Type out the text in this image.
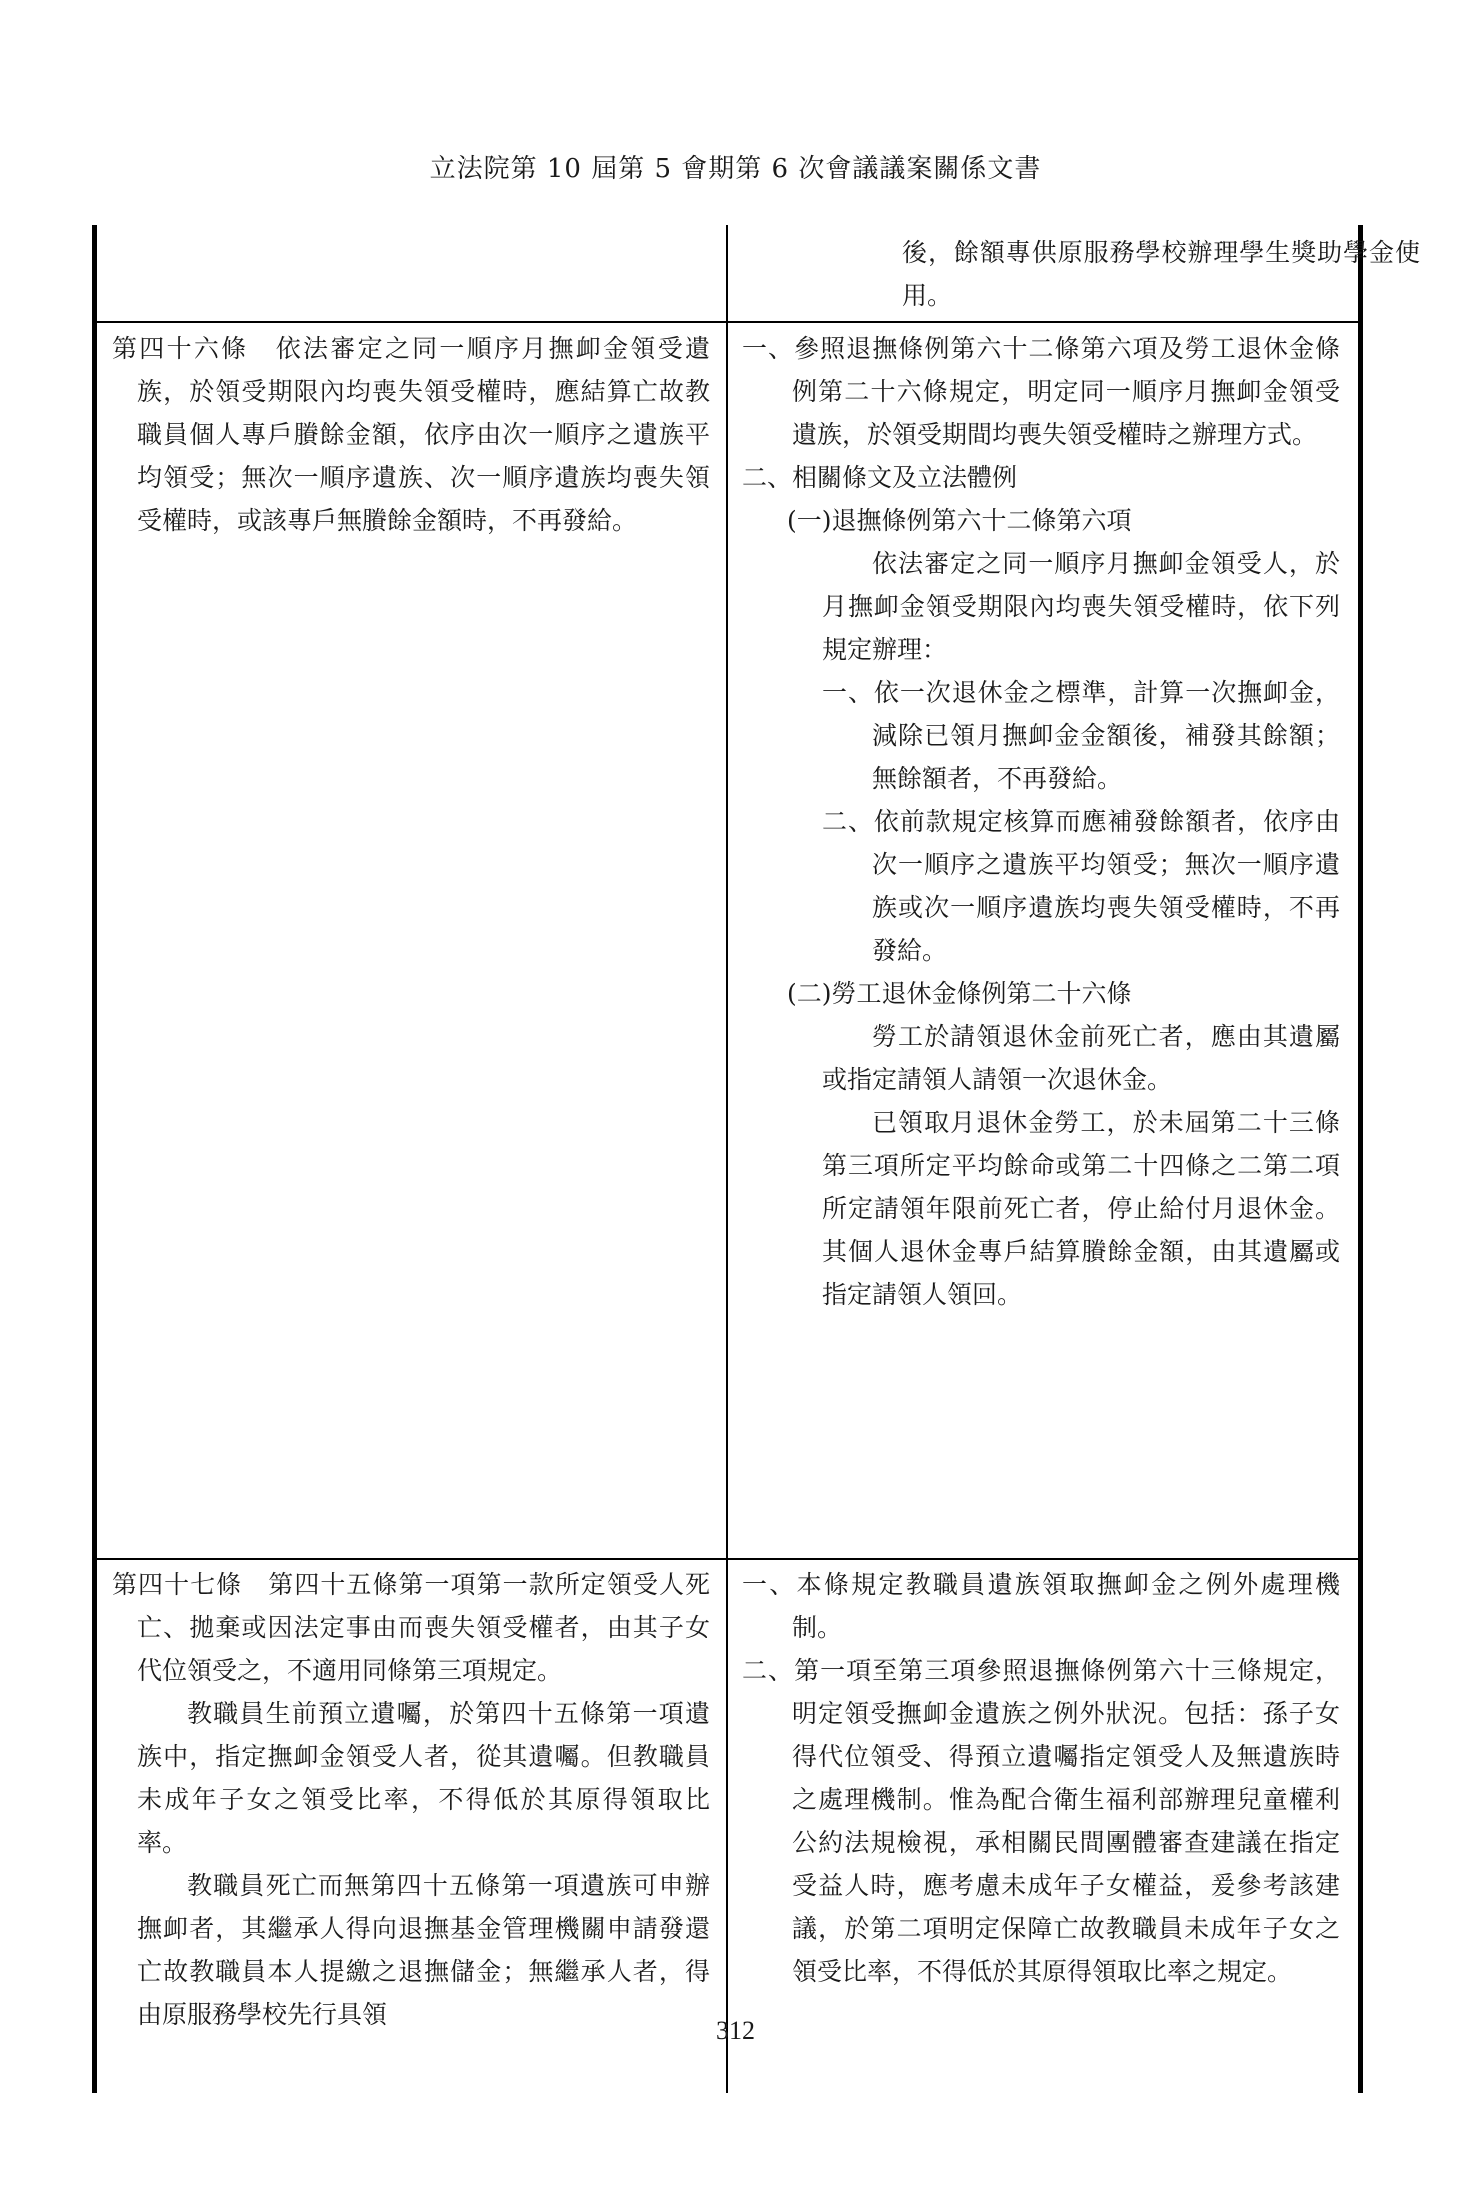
立法院第 10 屆第 5 會期第 6 次會議議案關係文書

後，餘額專供原服務學校辦理學生獎助學金使用。

第四十六條　依法審定之同一順序月撫卹金領受遺族，於領受期限內均喪失領受權時，應結算亡故教職員個人專戶賸餘金額，依序由次一順序之遺族平均領受；無次一順序遺族、次一順序遺族均喪失領受權時，或該專戶無賸餘金額時，不再發給。

一、參照退撫條例第六十二條第六項及勞工退休金條例第二十六條規定，明定同一順序月撫卹金領受遺族，於領受期間均喪失領受權時之辦理方式。

二、相關條文及立法體例

(一)退撫條例第六十二條第六項

依法審定之同一順序月撫卹金領受人，於月撫卹金領受期限內均喪失領受權時，依下列規定辦理：

一、依一次退休金之標準，計算一次撫卹金，減除已領月撫卹金金額後，補發其餘額；無餘額者，不再發給。

二、依前款規定核算而應補發餘額者，依序由次一順序之遺族平均領受；無次一順序遺族或次一順序遺族均喪失領受權時，不再發給。

(二)勞工退休金條例第二十六條

勞工於請領退休金前死亡者，應由其遺屬或指定請領人請領一次退休金。

已領取月退休金勞工，於未屆第二十三條第三項所定平均餘命或第二十四條之二第二項所定請領年限前死亡者，停止給付月退休金。其個人退休金專戶結算賸餘金額，由其遺屬或指定請領人領回。

第四十七條　第四十五條第一項第一款所定領受人死亡、拋棄或因法定事由而喪失領受權者，由其子女代位領受之，不適用同條第三項規定。

教職員生前預立遺囑，於第四十五條第一項遺族中，指定撫卹金領受人者，從其遺囑。但教職員未成年子女之領受比率，不得低於其原得領取比率。

教職員死亡而無第四十五條第一項遺族可申辦撫卹者，其繼承人得向退撫基金管理機關申請發還亡故教職員本人提繳之退撫儲金；無繼承人者，得由原服務學校先行具領

一、本條規定教職員遺族領取撫卹金之例外處理機制。

二、第一項至第三項參照退撫條例第六十三條規定，明定領受撫卹金遺族之例外狀況。包括：孫子女得代位領受、得預立遺囑指定領受人及無遺族時之處理機制。惟為配合衛生福利部辦理兒童權利公約法規檢視，承相關民間團體審查建議在指定受益人時，應考慮未成年子女權益，爰參考該建議，於第二項明定保障亡故教職員未成年子女之領受比率，不得低於其原得領取比率之規定。

312
